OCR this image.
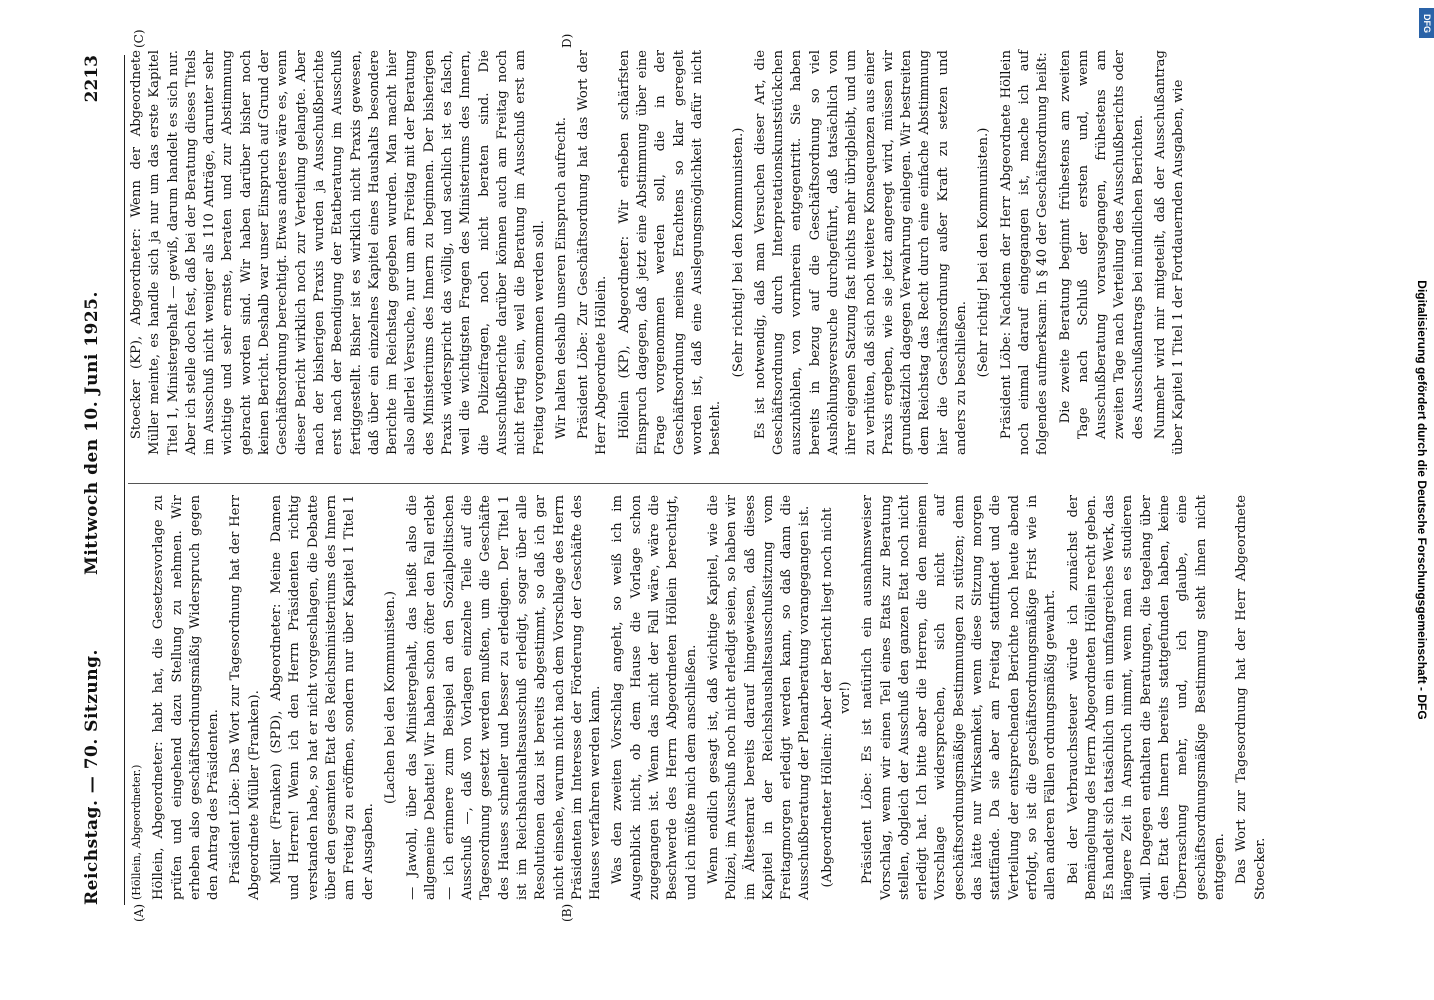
Reichstag. — 70. Sitzung.
Mittwoch den 10. Juni 1925.
2213
(A)	(B)
(C)	D)

(Höllein, Abgeordneter.) Höllein, Abgeordneter: habt hat, die Gesetzesvorlage zu prüfen und eingehend dazu Stellung zu nehmen. Wir erheben also geschäftsordnungsmäßig Widerspruch gegen den Antrag des Präsidenten. Präsident Löbe: Das Wort zur Tagesordnung hat der Herr Abgeordnete Müller (Franken). Müller (Franken) (SPD), Abgeordneter: Meine Damen und Herren! Wenn ich den Herrn Präsidenten richtig verstanden habe, so hat er nicht vorgeschlagen, die Debatte über den gesamten Etat des Reichsministeriums des Innern am Freitag zu eröffnen, sondern nur über Kapitel 1 Titel 1 der Ausgaben.

(Lachen bei den Kommunisten.) — Jawohl, über das Ministergehalt, das heißt also die allgemeine Debatte! Wir haben schon öfter den Fall erlebt — ich erinnere zum Beispiel an den Sozialpolitischen Ausschuß —, daß von Vorlagen einzelne Teile auf die Tagesordnung gesetzt werden mußten, um die Geschäfte des Hauses schneller und besser zu erledigen. Der Titel 1 ist im Reichshaushaltsausschuß erledigt, sogar über alle Resolutionen dazu ist bereits abgestimmt, so daß ich gar nicht einsehe, warum nicht nach dem Vorschlage des Herrn Präsidenten im Interesse der Förderung der Geschäfte des Hauses verfahren werden kann. Was den zweiten Vorschlag angeht, so weiß ich im Augenblick nicht, ob dem Hause die Vorlage schon zugegangen ist. Wenn das nicht der Fall wäre, wäre die Beschwerde des Herrn Abgeordneten Höllein berechtigt, und ich müßte mich dem anschließen. Wenn endlich gesagt ist, daß wichtige Kapitel, wie die Polizei, im Ausschuß noch nicht erledigt seien, so haben wir im Ältestenrat bereits darauf hingewiesen, daß dieses Kapitel in der Reichshaushaltsausschußsitzung vom Freitagmorgen erledigt werden kann, so daß dann die Ausschußberatung der Plenarberatung vorangegangen ist. (Abgeordneter Höllein: Aber der Bericht liegt noch nicht vor!) Präsident Löbe: Es ist natürlich ein ausnahmsweiser Vorschlag, wenn wir einen Teil eines Etats zur Beratung stellen, obgleich der Ausschuß den ganzen Etat noch nicht erledigt hat. Ich bitte aber die Herren, die den meinem Vorschlage widersprechen, sich nicht auf geschäftsordnungsmäßige Bestimmungen zu stützen; denn das hätte nur Wirksamkeit, wenn diese Sitzung morgen stattfände. Da sie aber am Freitag stattfindet und die Verteilung der entsprechenden Berichte noch heute abend erfolgt, so ist die geschäftsordnungsmäßige Frist wie in allen anderen Fällen ordnungsmäßig gewahrt. Bei der Verbrauchssteuer würde ich zunächst der Bemängelung des Herrn Abgeordneten Höllein recht geben. Es handelt sich tatsächlich um ein umfangreiches Werk, das längere Zeit in Anspruch nimmt, wenn man es studieren will. Dagegen enthalten die Beratungen, die tagelang über den Etat des Innern bereits stattgefunden haben, keine Überraschung mehr, und, ich glaube, eine geschäftsordnungsmäßige Bestimmung steht ihnen nicht entgegen. Das Wort zur Tagesordnung hat der Herr Abgeordnete Stoecker.

Stoecker (KP), Abgeordneter: Wenn der Abgeordnete Müller meinte, es handle sich ja nur um das erste Kapitel Titel 1, Ministergehalt — gewiß, darum handelt es sich nur. Aber ich stelle doch fest, daß bei der Beratung dieses Titels im Ausschuß nicht weniger als 110 Anträge, darunter sehr wichtige und sehr ernste, beraten und zur Abstimmung gebracht worden sind. Wir haben darüber bisher noch keinen Bericht. Deshalb war unser Einspruch auf Grund der Geschäftsordnung berechtigt. Etwas anderes wäre es, wenn dieser Bericht wirklich noch zur Verteilung gelangte. Aber nach der bisherigen Praxis wurden ja Ausschußberichte erst nach der Beendigung der Etatberatung im Ausschuß fertiggestellt. Bisher ist es wirklich nicht Praxis gewesen, daß über ein einzelnes Kapitel eines Haushalts besondere Berichte im Reichstag gegeben wurden. Man macht hier also allerlei Versuche, nur um am Freitag mit der Beratung des Ministeriums des Innern zu beginnen. Der bisherigen Praxis widerspricht das völlig, und sachlich ist es falsch, weil die wichtigsten Fragen des Ministeriums des Innern, die Polizeifragen, noch nicht beraten sind. Die Ausschußberichte darüber können auch am Freitag noch nicht fertig sein, weil die Beratung im Ausschuß erst am Freitag vorgenommen werden soll. Wir halten deshalb unseren Einspruch aufrecht. Präsident Löbe: Zur Geschäftsordnung hat das Wort der Herr Abgeordnete Höllein. Höllein (KP), Abgeordneter: Wir erheben schärfsten Einspruch dagegen, daß jetzt eine Abstimmung über eine Frage vorgenommen werden soll, die in der Geschäftsordnung meines Erachtens so klar geregelt worden ist, daß eine Auslegungsmöglichkeit dafür nicht besteht.

(Sehr richtig! bei den Kommunisten.) Es ist notwendig, daß man Versuchen dieser Art, die Geschäftsordnung durch Interpretationskunststückchen auszuhöhlen, von vornherein entgegentritt. Sie haben bereits in bezug auf die Geschäftsordnung so viel Aushöhlungsversuche durchgeführt, daß tatsächlich von ihrer eigenen Satzung fast nichts mehr übrigbleibt, und um zu verhüten, daß sich noch weitere Konsequenzen aus einer Praxis ergeben, wie sie jetzt angeregt wird, müssen wir grundsätzlich dagegen Verwahrung einlegen. Wir bestreiten dem Reichstag das Recht durch eine einfache Abstimmung hier die Geschäftsordnung außer Kraft zu setzen und anders zu beschließen.

(Sehr richtig! bei den Kommunisten.) Präsident Löbe: Nachdem der Herr Abgeordnete Höllein noch einmal darauf eingegangen ist, mache ich auf folgendes aufmerksam: In § 40 der Geschäftsordnung heißt: Die zweite Beratung beginnt frühestens am zweiten Tage nach Schluß der ersten und, wenn Ausschußberatung vorausgegangen, frühestens am zweiten Tage nach Verteilung des Ausschußberichts oder des Ausschußantrags bei mündlichen Berichten. Nunmehr wird mir mitgeteilt, daß der Ausschußantrag über Kapitel 1 Titel 1 der Fortdauernden Ausgaben, wie

Digitalisierung gefördert durch die Deutsche Forschungsgemeinschaft - DFG
DFG
